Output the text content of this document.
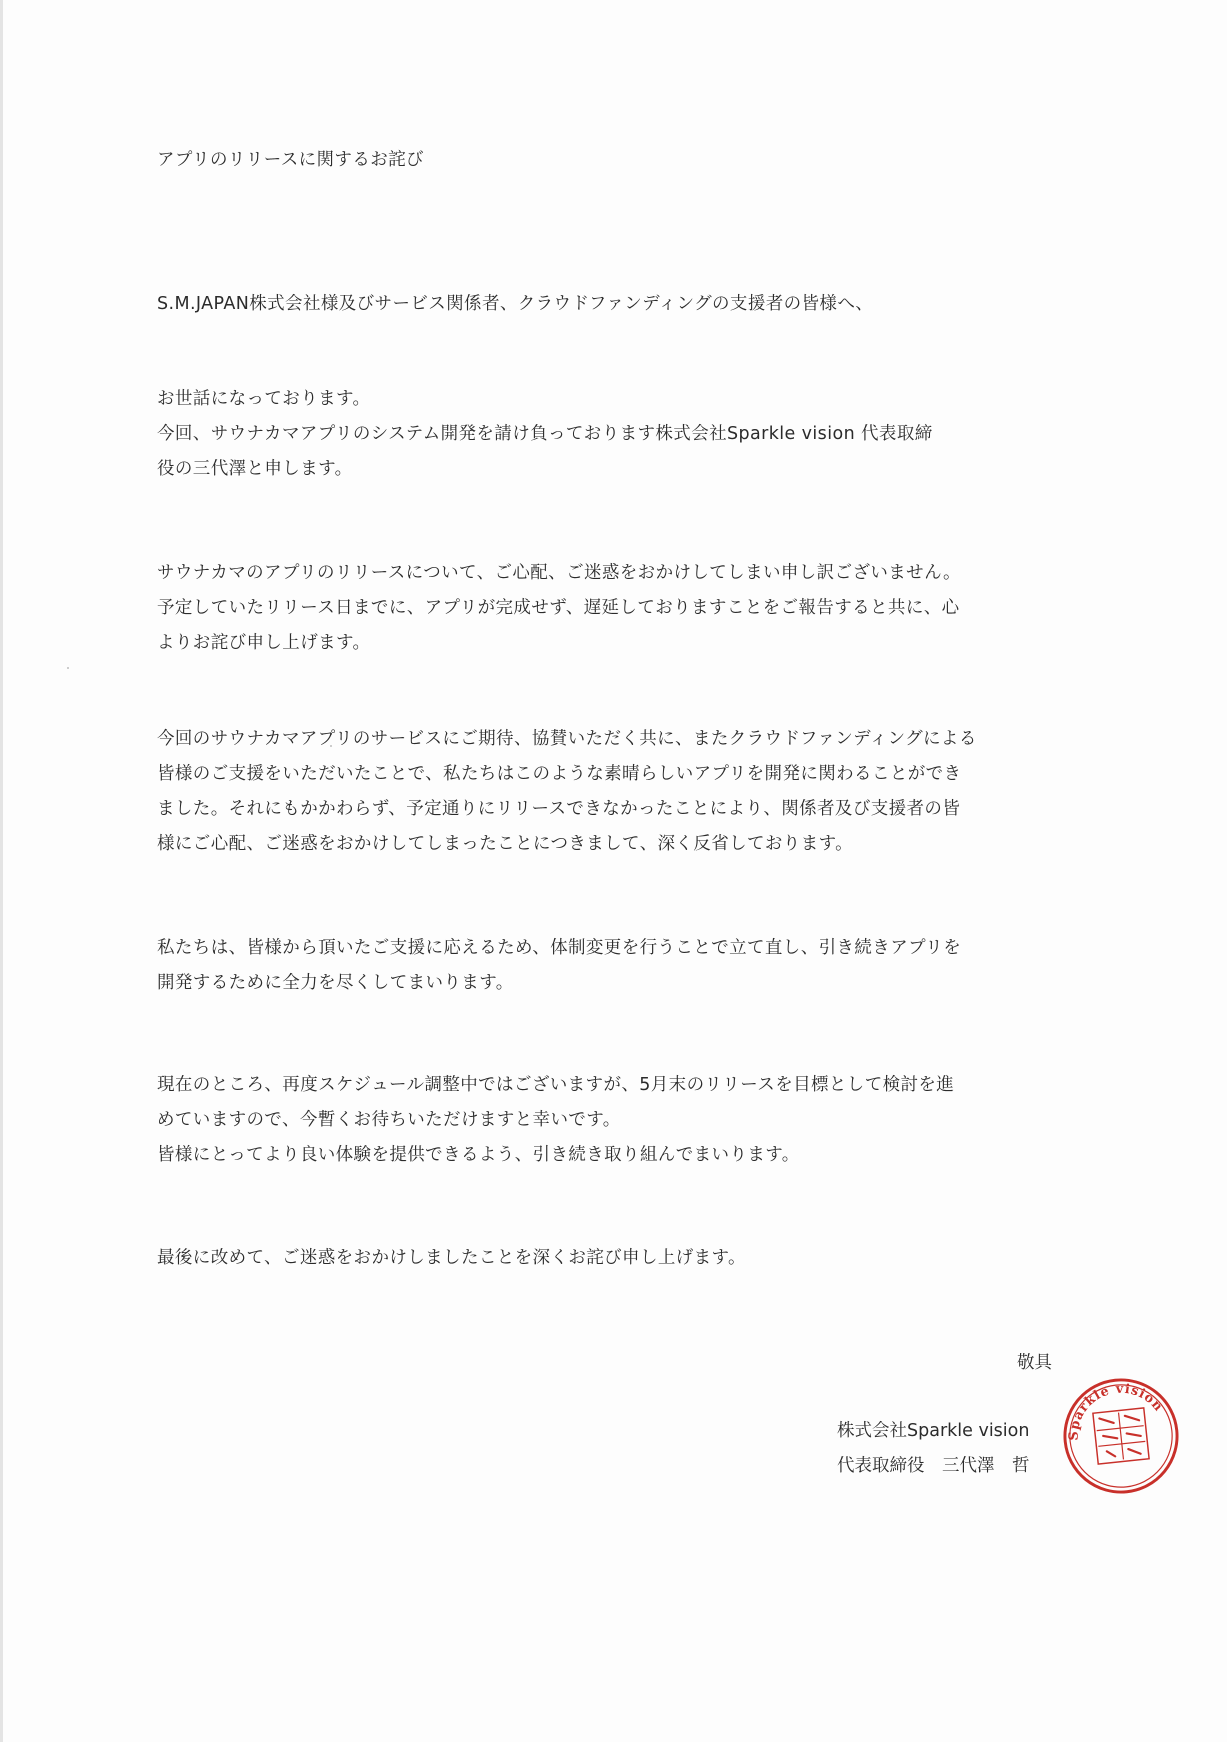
アプリのリリースに関するお詫び
S.M.JAPAN株式会社様及びサービス関係者、クラウドファンディングの支援者の皆様へ、
お世話になっております。
今回、サウナカマアプリのシステム開発を請け負っております株式会社Sparkle vision 代表取締
役の三代澤と申します。
サウナカマのアプリのリリースについて、ご心配、ご迷惑をおかけしてしまい申し訳ございません。
予定していたリリース日までに、アプリが完成せず、遅延しておりますことをご報告すると共に、心
よりお詫び申し上げます。
今回のサウナカマアプリのサービスにご期待、協賛いただく共に、またクラウドファンディングによる
皆様のご支援をいただいたことで、私たちはこのような素晴らしいアプリを開発に関わることができ
ました。それにもかかわらず、予定通りにリリースできなかったことにより、関係者及び支援者の皆
様にご心配、ご迷惑をおかけしてしまったことにつきまして、深く反省しております。
私たちは、皆様から頂いたご支援に応えるため、体制変更を行うことで立て直し、引き続きアプリを
開発するために全力を尽くしてまいります。
現在のところ、再度スケジュール調整中ではございますが、5月末のリリースを目標として検討を進
めていますので、今暫くお待ちいただけますと幸いです。
皆様にとってより良い体験を提供できるよう、引き続き取り組んでまいります。
最後に改めて、ご迷惑をおかけしましたことを深くお詫び申し上げます。
敬具
株式会社Sparkle vision
代表取締役　三代澤　哲
Sparkle vision
